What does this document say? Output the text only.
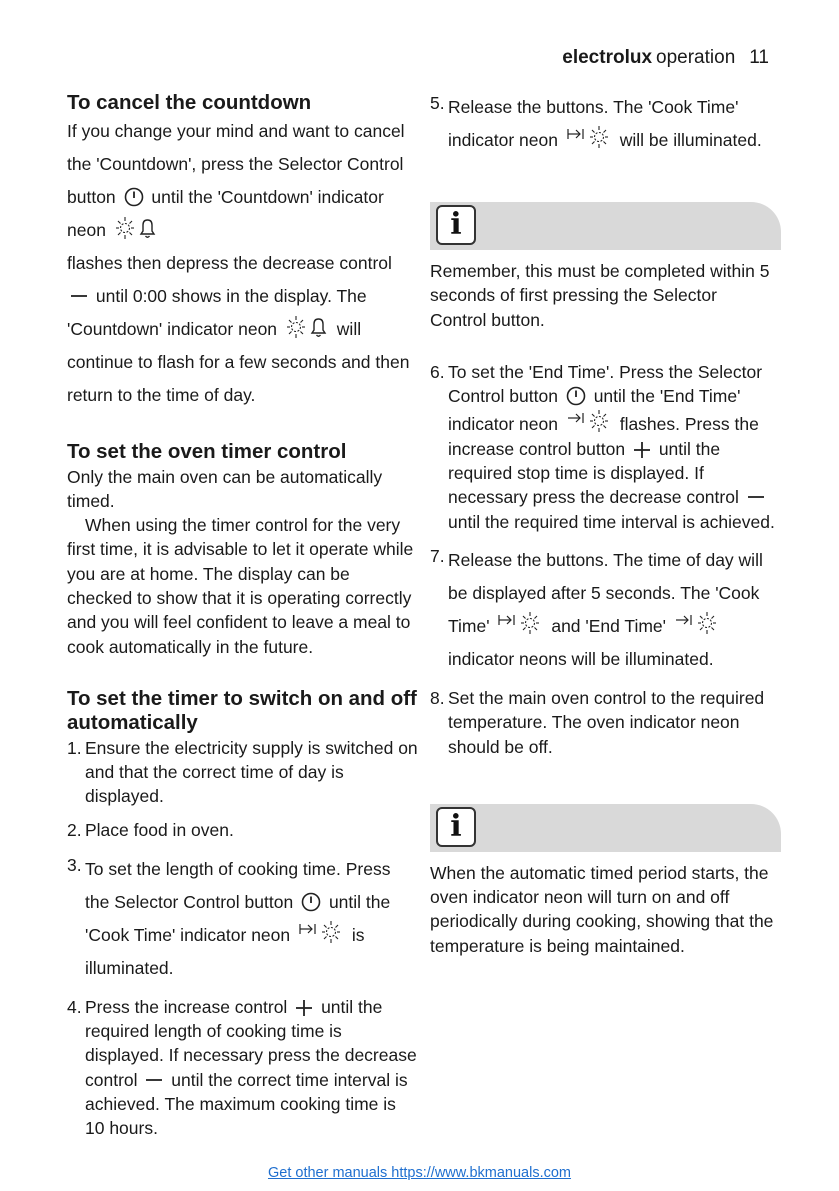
electrolux operation 11
To cancel the countdown

If you change your mind and want to cancel the 'Countdown', press the Selector Control button until the 'Countdown' indicator neon
flashes then depress the decrease control  until 0:00 shows in the display. The 'Countdown' indicator neon	will continue to flash for a few seconds and then return to the time of day.

To set the oven timer control

Only the main oven can be automatically timed.

When using the timer control for the very first time, it is advisable to let it operate while you are at home. The display can be checked to show that it is operating correctly and you will feel confident to leave a meal to cook automatically in the future.

To set the timer to switch on and off automatically
1. Ensure the electricity supply is switched on and that the correct time of day is displayed.
2. Place food in oven.
3. To set the length of cooking time. Press the Selector Control button until the 'Cook Time' indicator neon	is illuminated.
4. Press the increase control until the required length of cooking time is displayed. If necessary press the decrease control until the correct time interval is achieved. The maximum cooking time is 10 hours.
5. Release the buttons. The 'Cook Time' indicator neon	will be illuminated.
i

Remember, this must be completed within 5 seconds of first pressing the Selector Control button.

6. To set the 'End Time'. Press the Selector Control button until the 'End Time' indicator neon	flashes. Press the increase control button until the required stop time is displayed. If necessary press the decrease control  until the required time interval is achieved.
7. Release the buttons. The time of day will be displayed after 5 seconds. The 'Cook Time'	and 'End Time'  indicator neons will be illuminated.
8. Set the main oven control to the required temperature. The oven indicator neon should be off.
i

When the automatic timed period starts, the oven indicator neon will turn on and off periodically during cooking, showing that the temperature is being maintained.

Get other manuals https://www.bkmanuals.com
